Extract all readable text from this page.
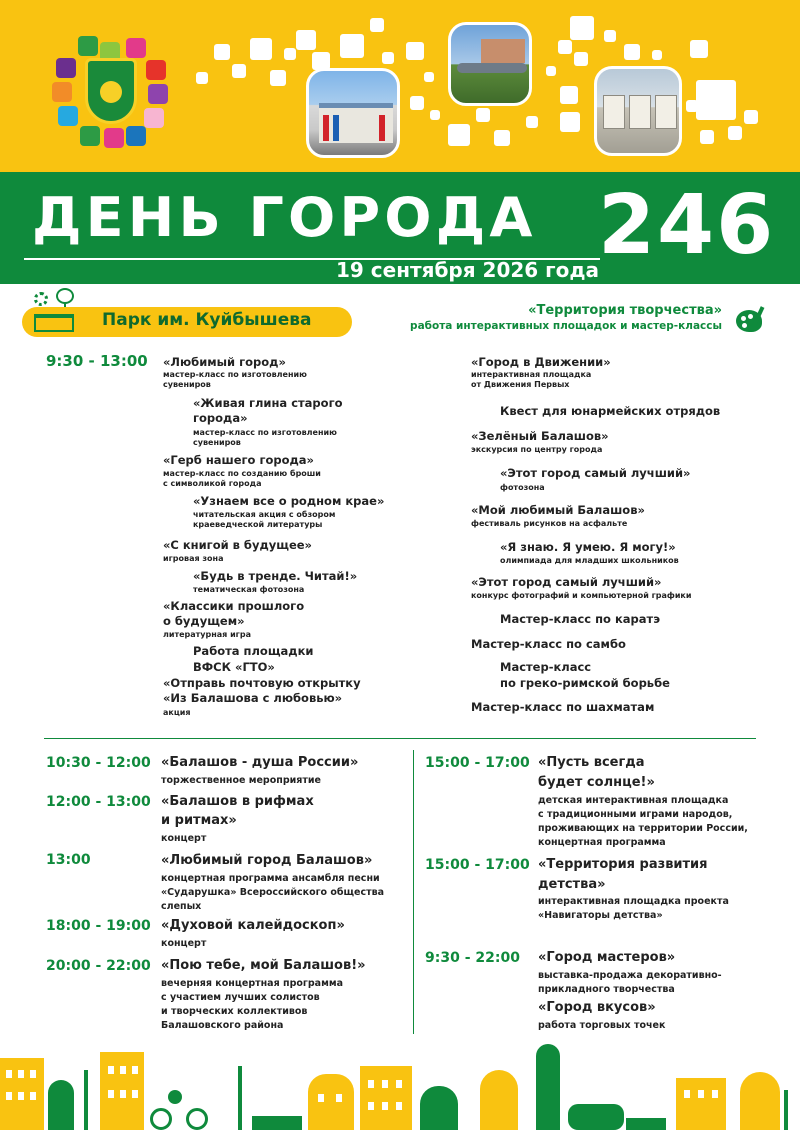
ДЕНЬ ГОРОДА
19 сентября 2026 года
246
Парк им. Куйбышева	«Территория творчества»
работа интерактивных площадок и мастер-классы
9:30 - 13:00 «Любимый город»
мастер-класс по изготовлению
сувениров
«Живая глина старого
города»
мастер-класс по изготовлению
сувениров
«Герб нашего города»
мастер-класс по созданию броши
с символикой города
«Узнаем все о родном крае»
читательская акция с обзором
краеведческой литературы
«С книгой в будущее»
игровая зона
«Будь в тренде. Читай!»
тематическая фотозона
«Классики прошлого
о будущем»
литературная игра
Работа площадки
ВФСК «ГТО»
«Отправь почтовую открытку
«Из Балашова с любовью»
акция
«Город в Движении»
интерактивная площадка
от Движения Первых
Квест для юнармейских отрядов
«Зелёный Балашов»
экскурсия по центру города
«Этот город самый лучший»
фотозона
«Мой любимый Балашов»
фестиваль рисунков на асфальте
«Я знаю. Я умею. Я могу!»
олимпиада для младших школьников
«Этот город самый лучший»
конкурс фотографий и компьютерной графики
Мастер-класс по каратэ
Мастер-класс по самбо
Мастер-класс
по греко-римской борьбе
Мастер-класс по шахматам
10:30 - 12:00 «Балашов - душа России»
торжественное мероприятие
12:00 - 13:00 «Балашов в рифмах
и ритмах»
концерт
13:00	«Любимый город Балашов»
концертная программа ансамбля песни
«Сударушка» Всероссийского общества
слепых
18:00 - 19:00 «Духовой калейдоскоп»
концерт
20:00 - 22:00 «Пою тебе, мой Балашов!»
вечерняя концертная программа
с участием лучших солистов
и творческих коллективов
Балашовского района
15:00 - 17:00 «Пусть всегда
будет солнце!»
детская интерактивная площадка
с традиционными играми народов,
проживающих на территории России,
концертная программа
15:00 - 17:00 «Территория развития
детства»
интерактивная площадка проекта
«Навигаторы детства»
9:30 - 22:00 «Город мастеров»
выставка-продажа декоративно-
прикладного творчества
«Город вкусов»
работа торговых точек
